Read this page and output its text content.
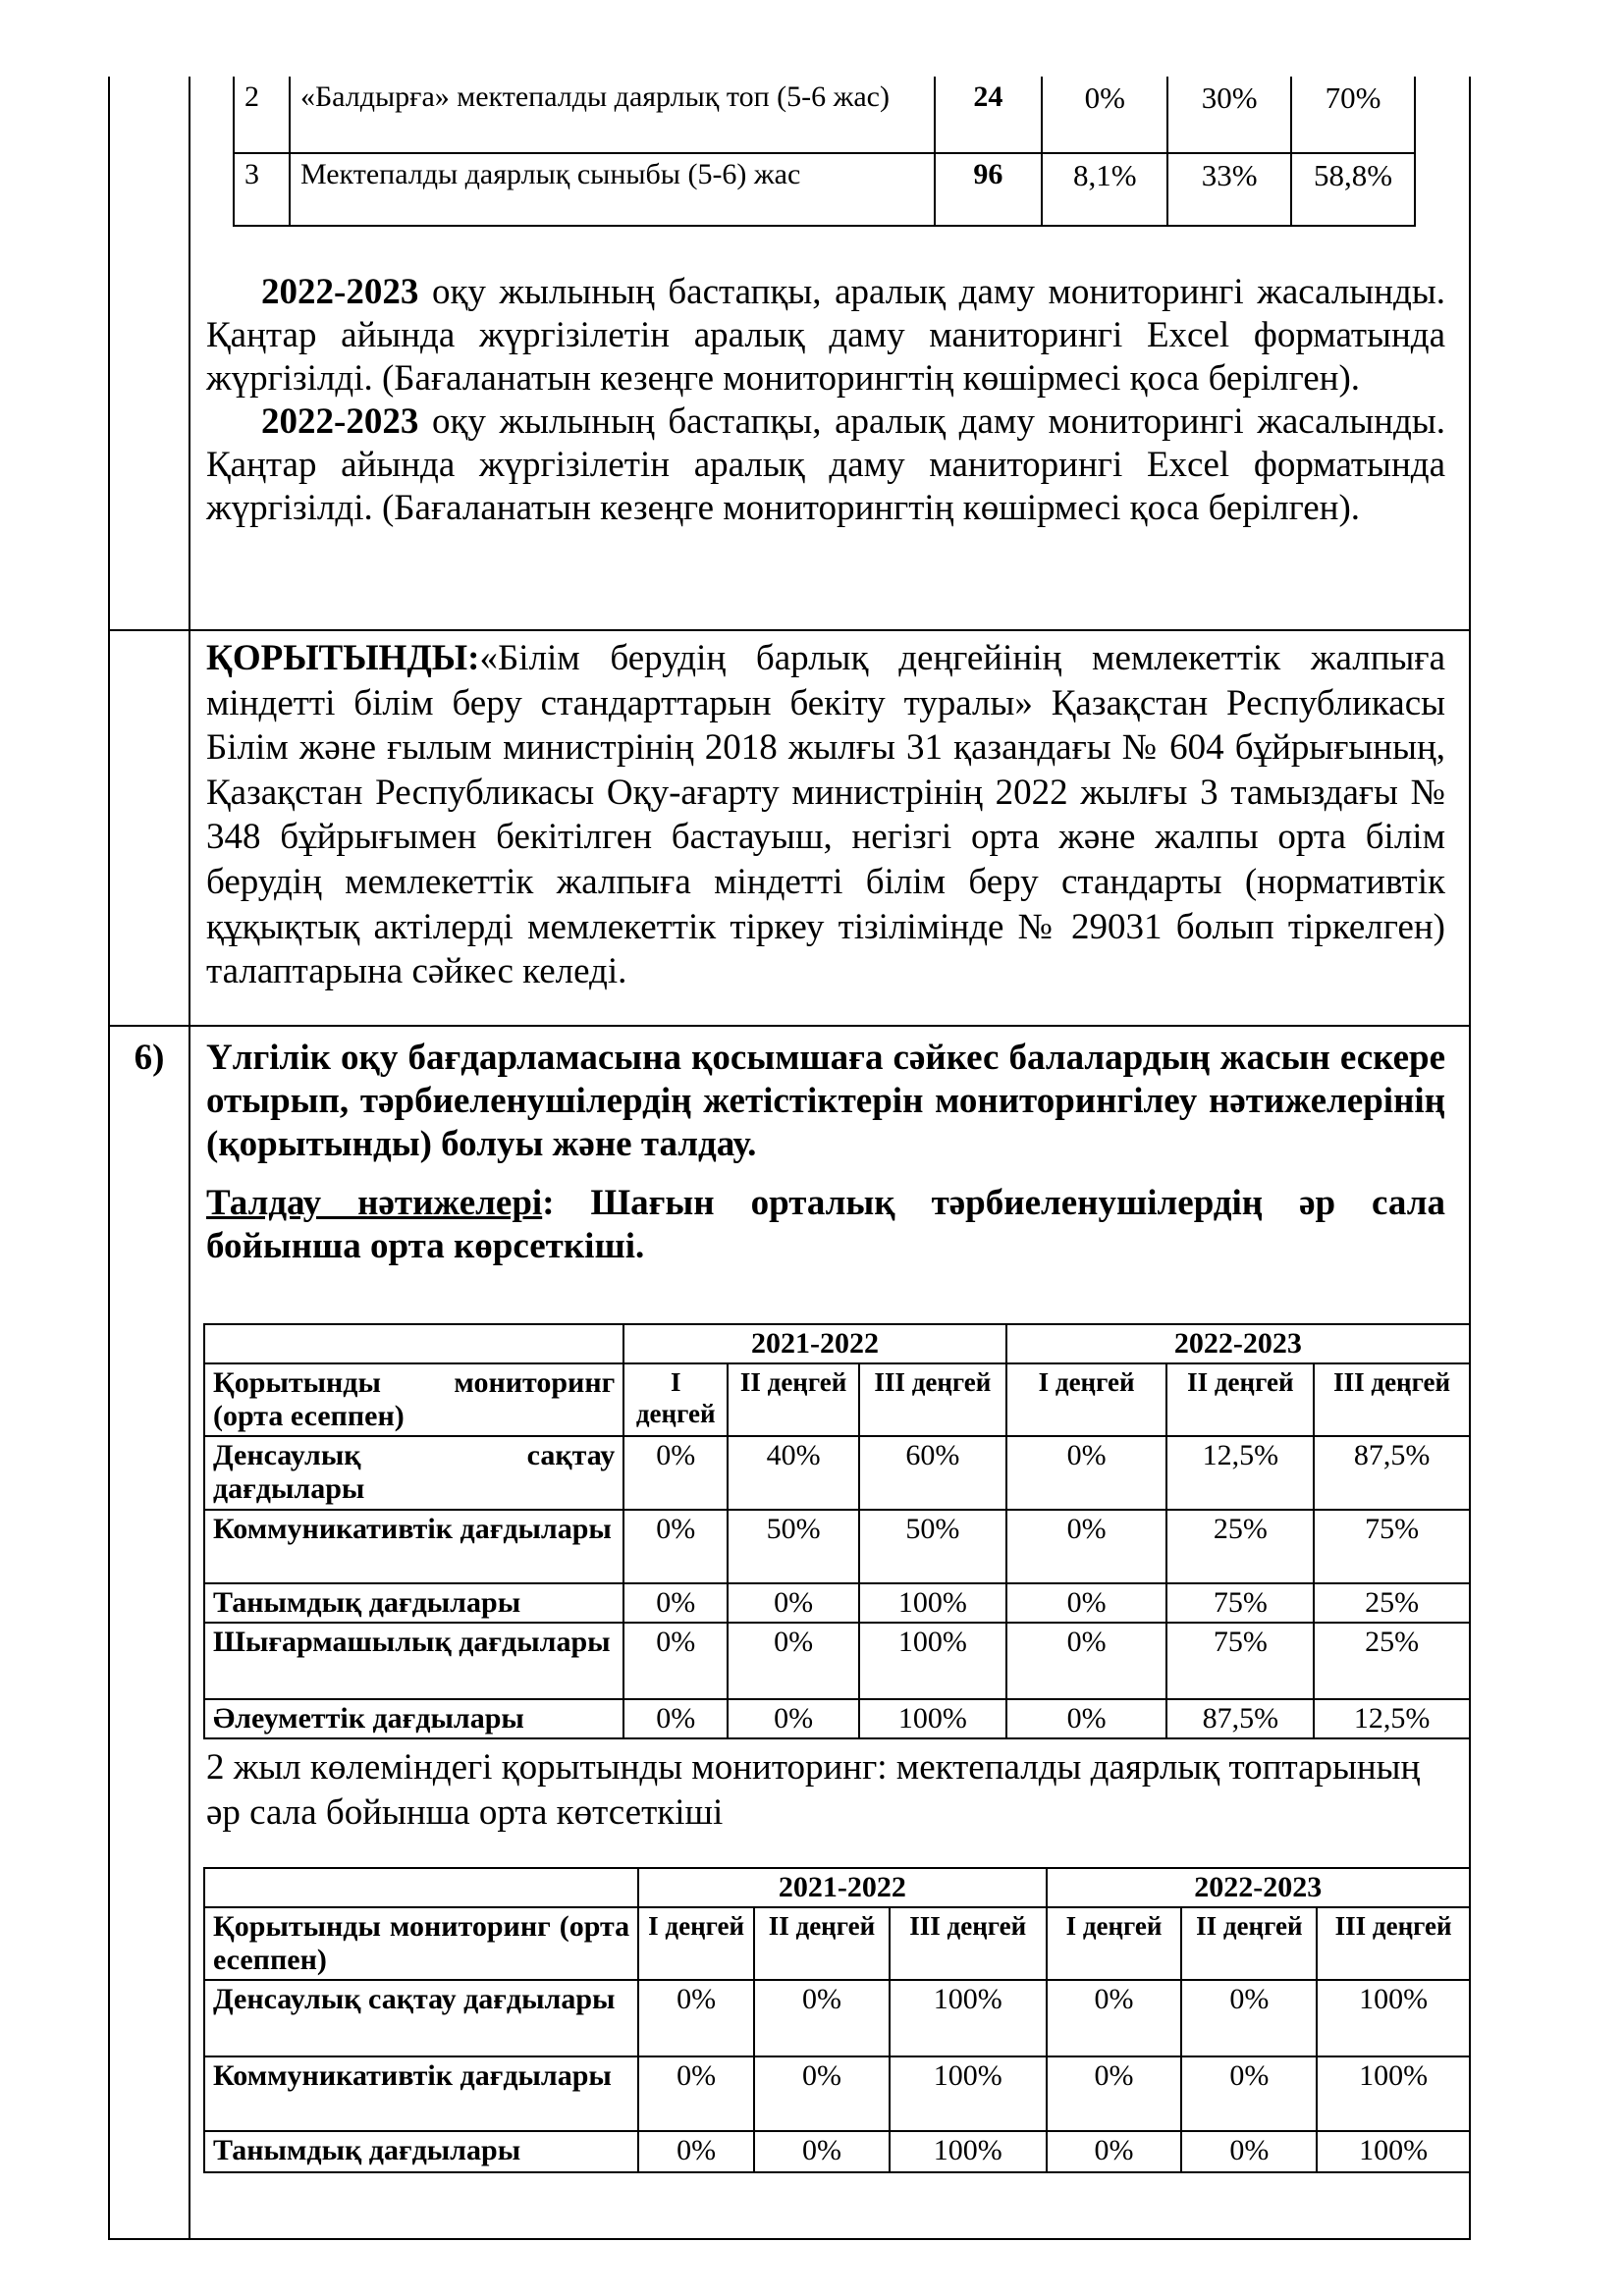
2	«Балдырға» мектепалды даярлық топ (5-6 жас)	24	0%	30%	70%
3	Мектепалды даярлық сыныбы (5-6) жас	96	8,1%	33%	58,8%

2022-2023 оқу жылының бастапқы, аралық даму мониторингі жасалынды. Қаңтар айында жүргізілетін аралық даму маниторингі Excel форматында жүргізілді. (Бағаланатын кезеңге мониторингтің көшірмесі қоса берілген).

2022-2023 оқу жылының бастапқы, аралық даму мониторингі жасалынды. Қаңтар айында жүргізілетін аралық даму маниторингі Excel форматында жүргізілді. (Бағаланатын кезеңге мониторингтің көшірмесі қоса берілген).

ҚОРЫТЫНДЫ:«Білім берудің барлық деңгейінің мемлекеттік жалпыға міндетті білім беру стандарттарын бекіту туралы» Қазақстан Республикасы Білім және ғылым министрінің 2018 жылғы 31 қазандағы № 604 бұйрығының, Қазақстан Республикасы Оқу-ағарту министрінің 2022 жылғы 3 тамыздағы № 348 бұйрығымен бекітілген бастауыш, негізгі орта және жалпы орта білім берудің мемлекеттік жалпыға міндетті білім беру стандарты (нормативтік құқықтық актілерді мемлекеттік тіркеу тізілімінде № 29031 болып тіркелген) талаптарына сәйкес келеді.

6)	Үлгілік оқу бағдарламасына қосымшаға сәйкес балалардың жасын ескере отырып, тәрбиеленушілердің жетістіктерін мониторингілеу нәтижелерінің (қорытынды) болуы және талдау.

Талдау нәтижелері: Шағын орталық тәрбиеленушілердің әр сала бойынша орта көрсеткіші.

	2021-2022			2022-2023		
Қорытынды мониторинг (орта есеппен)	I деңгей	II деңгей	III деңгей	I деңгей	II деңгей	III деңгей
Денсаулық сақтау дағдылары	0%	40%	60%	0%	12,5%	87,5%
Коммуникативтік дағдылары	0%	50%	50%	0%	25%	75%
Танымдық дағдылары	0%	0%	100%	0%	75%	25%
Шығармашылық дағдылары	0%	0%	100%	0%	75%	25%
Әлеуметтік дағдылары	0%	0%	100%	0%	87,5%	12,5%

2 жыл көлеміндегі қорытынды мониторинг: мектепалды даярлық топтарының әр сала бойынша орта көтсеткіші

	2021-2022			2022-2023		
Қорытынды мониторинг (орта есеппен)	I деңгей	II деңгей	III деңгей	I деңгей	II деңгей	III деңгей
Денсаулық сақтау дағдылары	0%	0%	100%	0%	0%	100%
Коммуникативтік дағдылары	0%	0%	100%	0%	0%	100%
Танымдық дағдылары	0%	0%	100%	0%	0%	100%
